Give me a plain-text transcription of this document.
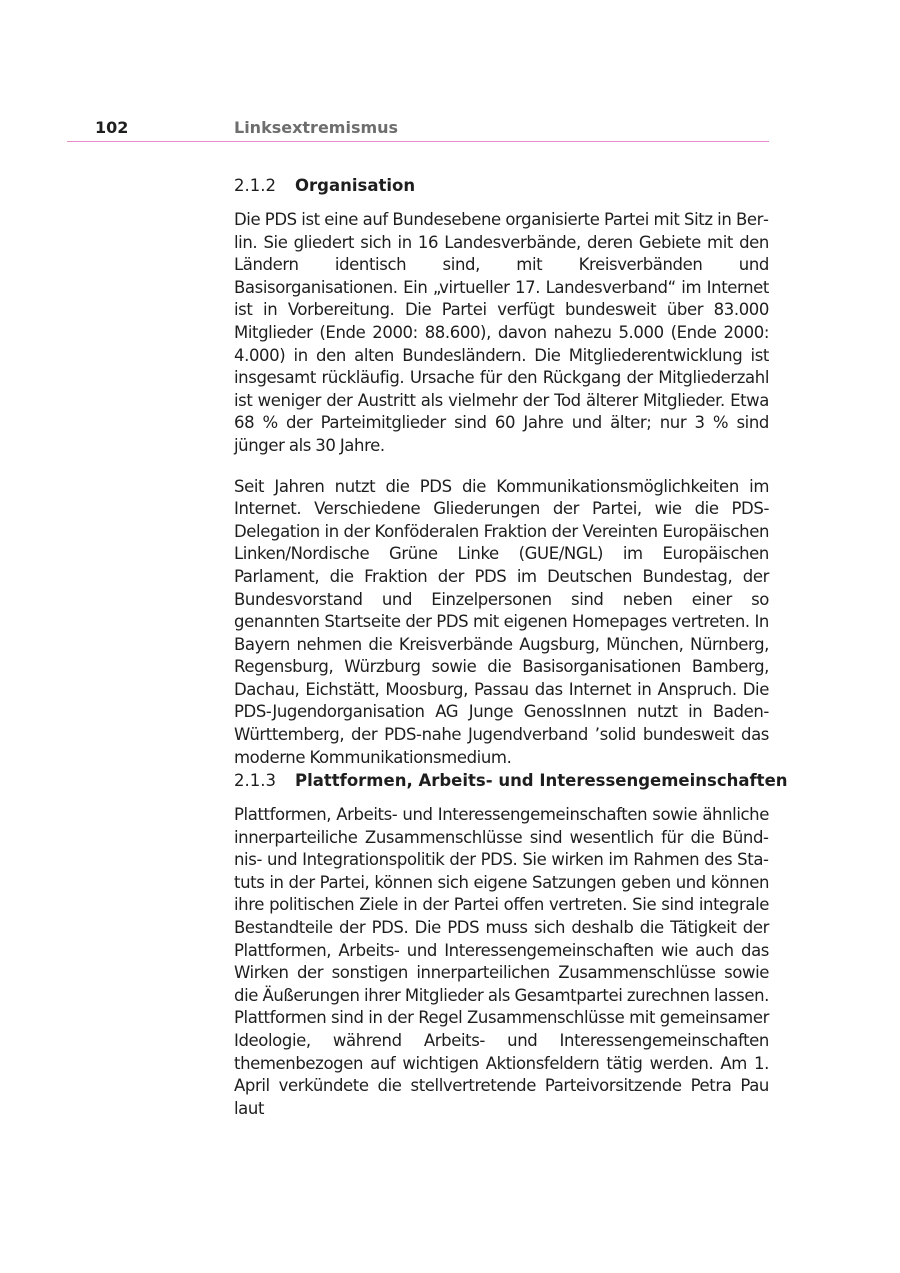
102	Linksextremismus
2.1.2 Organisation

Die PDS ist eine auf Bundesebene organisierte Partei mit Sitz in Berlin. Sie gliedert sich in 16 Landesverbände, deren Gebiete mit den Ländern identisch sind, mit Kreisverbänden und Basisorganisationen. Ein „virtueller 17. Landesverband“ im Internet ist in Vorbereitung. Die Partei verfügt bundesweit über 83.000 Mitglieder (Ende 2000: 88.600), davon nahezu 5.000 (Ende 2000: 4.000) in den alten Bundesländern. Die Mitgliederentwicklung ist insgesamt rückläufig. Ursache für den Rückgang der Mitgliederzahl ist weniger der Austritt als vielmehr der Tod älterer Mitglieder. Etwa 68 % der Parteimitglieder sind 60 Jahre und älter; nur 3 % sind jünger als 30 Jahre.

Seit Jahren nutzt die PDS die Kommunikationsmöglichkeiten im Internet. Verschiedene Gliederungen der Partei, wie die PDS-Delegation in der Konföderalen Fraktion der Vereinten Europäischen Linken/Nordische Grüne Linke (GUE/NGL) im Europäischen Parlament, die Fraktion der PDS im Deutschen Bundestag, der Bundesvorstand und Einzelpersonen sind neben einer so genannten Startseite der PDS mit eigenen Homepages vertreten. In Bayern nehmen die Kreisverbände Augsburg, München, Nürnberg, Regensburg, Würzburg sowie die Basisorganisationen Bamberg, Dachau, Eichstätt, Moosburg, Passau das Internet in Anspruch. Die PDS-Jugendorganisation AG Junge GenossInnen nutzt in Baden-Württemberg, der PDS-nahe Jugendverband ’solid bundesweit das moderne Kommunikationsmedium.

2.1.3 Plattformen, Arbeits- und Interessengemeinschaften

Plattformen, Arbeits- und Interessengemeinschaften sowie ähnliche innerparteiliche Zusammenschlüsse sind wesentlich für die Bündnis- und Integrationspolitik der PDS. Sie wirken im Rahmen des Statuts in der Partei, können sich eigene Satzungen geben und können ihre politischen Ziele in der Partei offen vertreten. Sie sind integrale Bestandteile der PDS. Die PDS muss sich deshalb die Tätigkeit der Plattformen, Arbeits- und Interessengemeinschaften wie auch das Wirken der sonstigen innerparteilichen Zusammenschlüsse sowie die Äußerungen ihrer Mitglieder als Gesamtpartei zurechnen lassen. Plattformen sind in der Regel Zusammenschlüsse mit gemeinsamer Ideologie, während Arbeits- und Interessengemeinschaften themenbezogen auf wichtigen Aktionsfeldern tätig werden. Am 1. April verkündete die stellvertretende Parteivorsitzende Petra Pau laut
